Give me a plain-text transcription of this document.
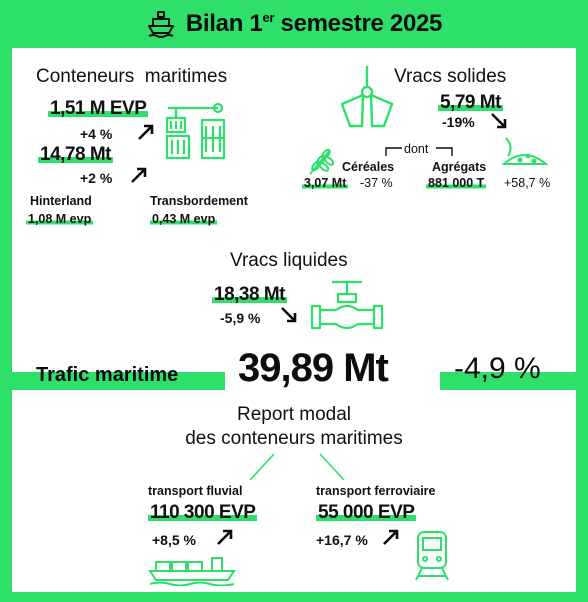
Bilan 1er semestre 2025
Conteneurs  maritimes
1,51 M EVP
+4 %
14,78 Mt
+2 %
Hinterland
1,08 M evp
Transbordement
0,43 M evp
Vracs solides
5,79 Mt
-19%
dont
Céréales
3,07 Mt -37 %
Agrégats
881 000 T +58,7 %
Vracs liquides
18,38 Mt
-5,9 %
Trafic maritime 39,89 Mt -4,9 %
Report modal
des conteneurs maritimes
transport fluvial
110 300 EVP
+8,5 %
transport ferroviaire
55 000 EVP
+16,7 %
